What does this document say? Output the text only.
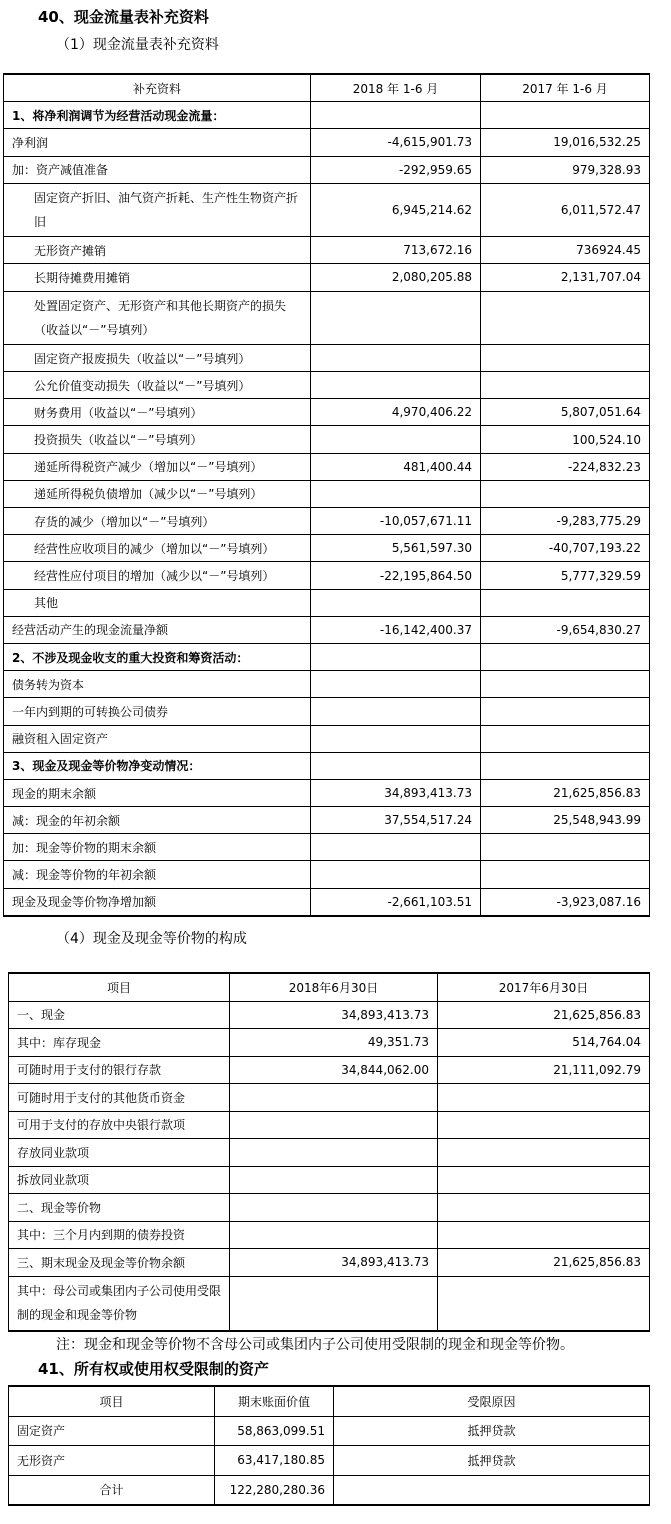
40、现金流量表补充资料
（1）现金流量表补充资料
补充资料	2018 年 1-6 月	2017 年 1-6 月
1、将净利润调节为经营活动现金流量：		
净利润	-4,615,901.73	19,016,532.25
加：资产减值准备	-292,959.65	979,328.93
固定资产折旧、油气资产折耗、生产性生物资产折旧	6,945,214.62	6,011,572.47
无形资产摊销	713,672.16	736924.45
长期待摊费用摊销	2,080,205.88	2,131,707.04
处置固定资产、无形资产和其他长期资产的损失（收益以“－”号填列）		
固定资产报废损失（收益以“－”号填列）		
公允价值变动损失（收益以“－”号填列）		
财务费用（收益以“－”号填列）	4,970,406.22	5,807,051.64
投资损失（收益以“－”号填列）		100,524.10
递延所得税资产减少（增加以“－”号填列）	481,400.44	-224,832.23
递延所得税负债增加（减少以“－”号填列）		
存货的减少（增加以“－”号填列）	-10,057,671.11	-9,283,775.29
经营性应收项目的减少（增加以“－”号填列）	5,561,597.30	-40,707,193.22
经营性应付项目的增加（减少以“－”号填列）	-22,195,864.50	5,777,329.59
其他		
经营活动产生的现金流量净额	-16,142,400.37	-9,654,830.27
2、不涉及现金收支的重大投资和筹资活动：		
债务转为资本		
一年内到期的可转换公司债券		
融资租入固定资产		
3、现金及现金等价物净变动情况：		
现金的期末余额	34,893,413.73	21,625,856.83
减：现金的年初余额	37,554,517.24	25,548,943.99
加：现金等价物的期末余额		
减：现金等价物的年初余额		
现金及现金等价物净增加额	-2,661,103.51	-3,923,087.16
（4）现金及现金等价物的构成
项目	2018年6月30日	2017年6月30日
一、现金	34,893,413.73	21,625,856.83
其中：库存现金	49,351.73	514,764.04
可随时用于支付的银行存款	34,844,062.00	21,111,092.79
可随时用于支付的其他货币资金		
可用于支付的存放中央银行款项		
存放同业款项		
拆放同业款项		
二、现金等价物		
其中：三个月内到期的债券投资		
三、期末现金及现金等价物余额	34,893,413.73	21,625,856.83
其中：母公司或集团内子公司使用受限制的现金和现金等价物		
注：现金和现金等价物不含母公司或集团内子公司使用受限制的现金和现金等价物。
41、所有权或使用权受限制的资产
项目	期末账面价值	受限原因
固定资产	58,863,099.51	抵押贷款
无形资产	63,417,180.85	抵押贷款
合计	122,280,280.36	
